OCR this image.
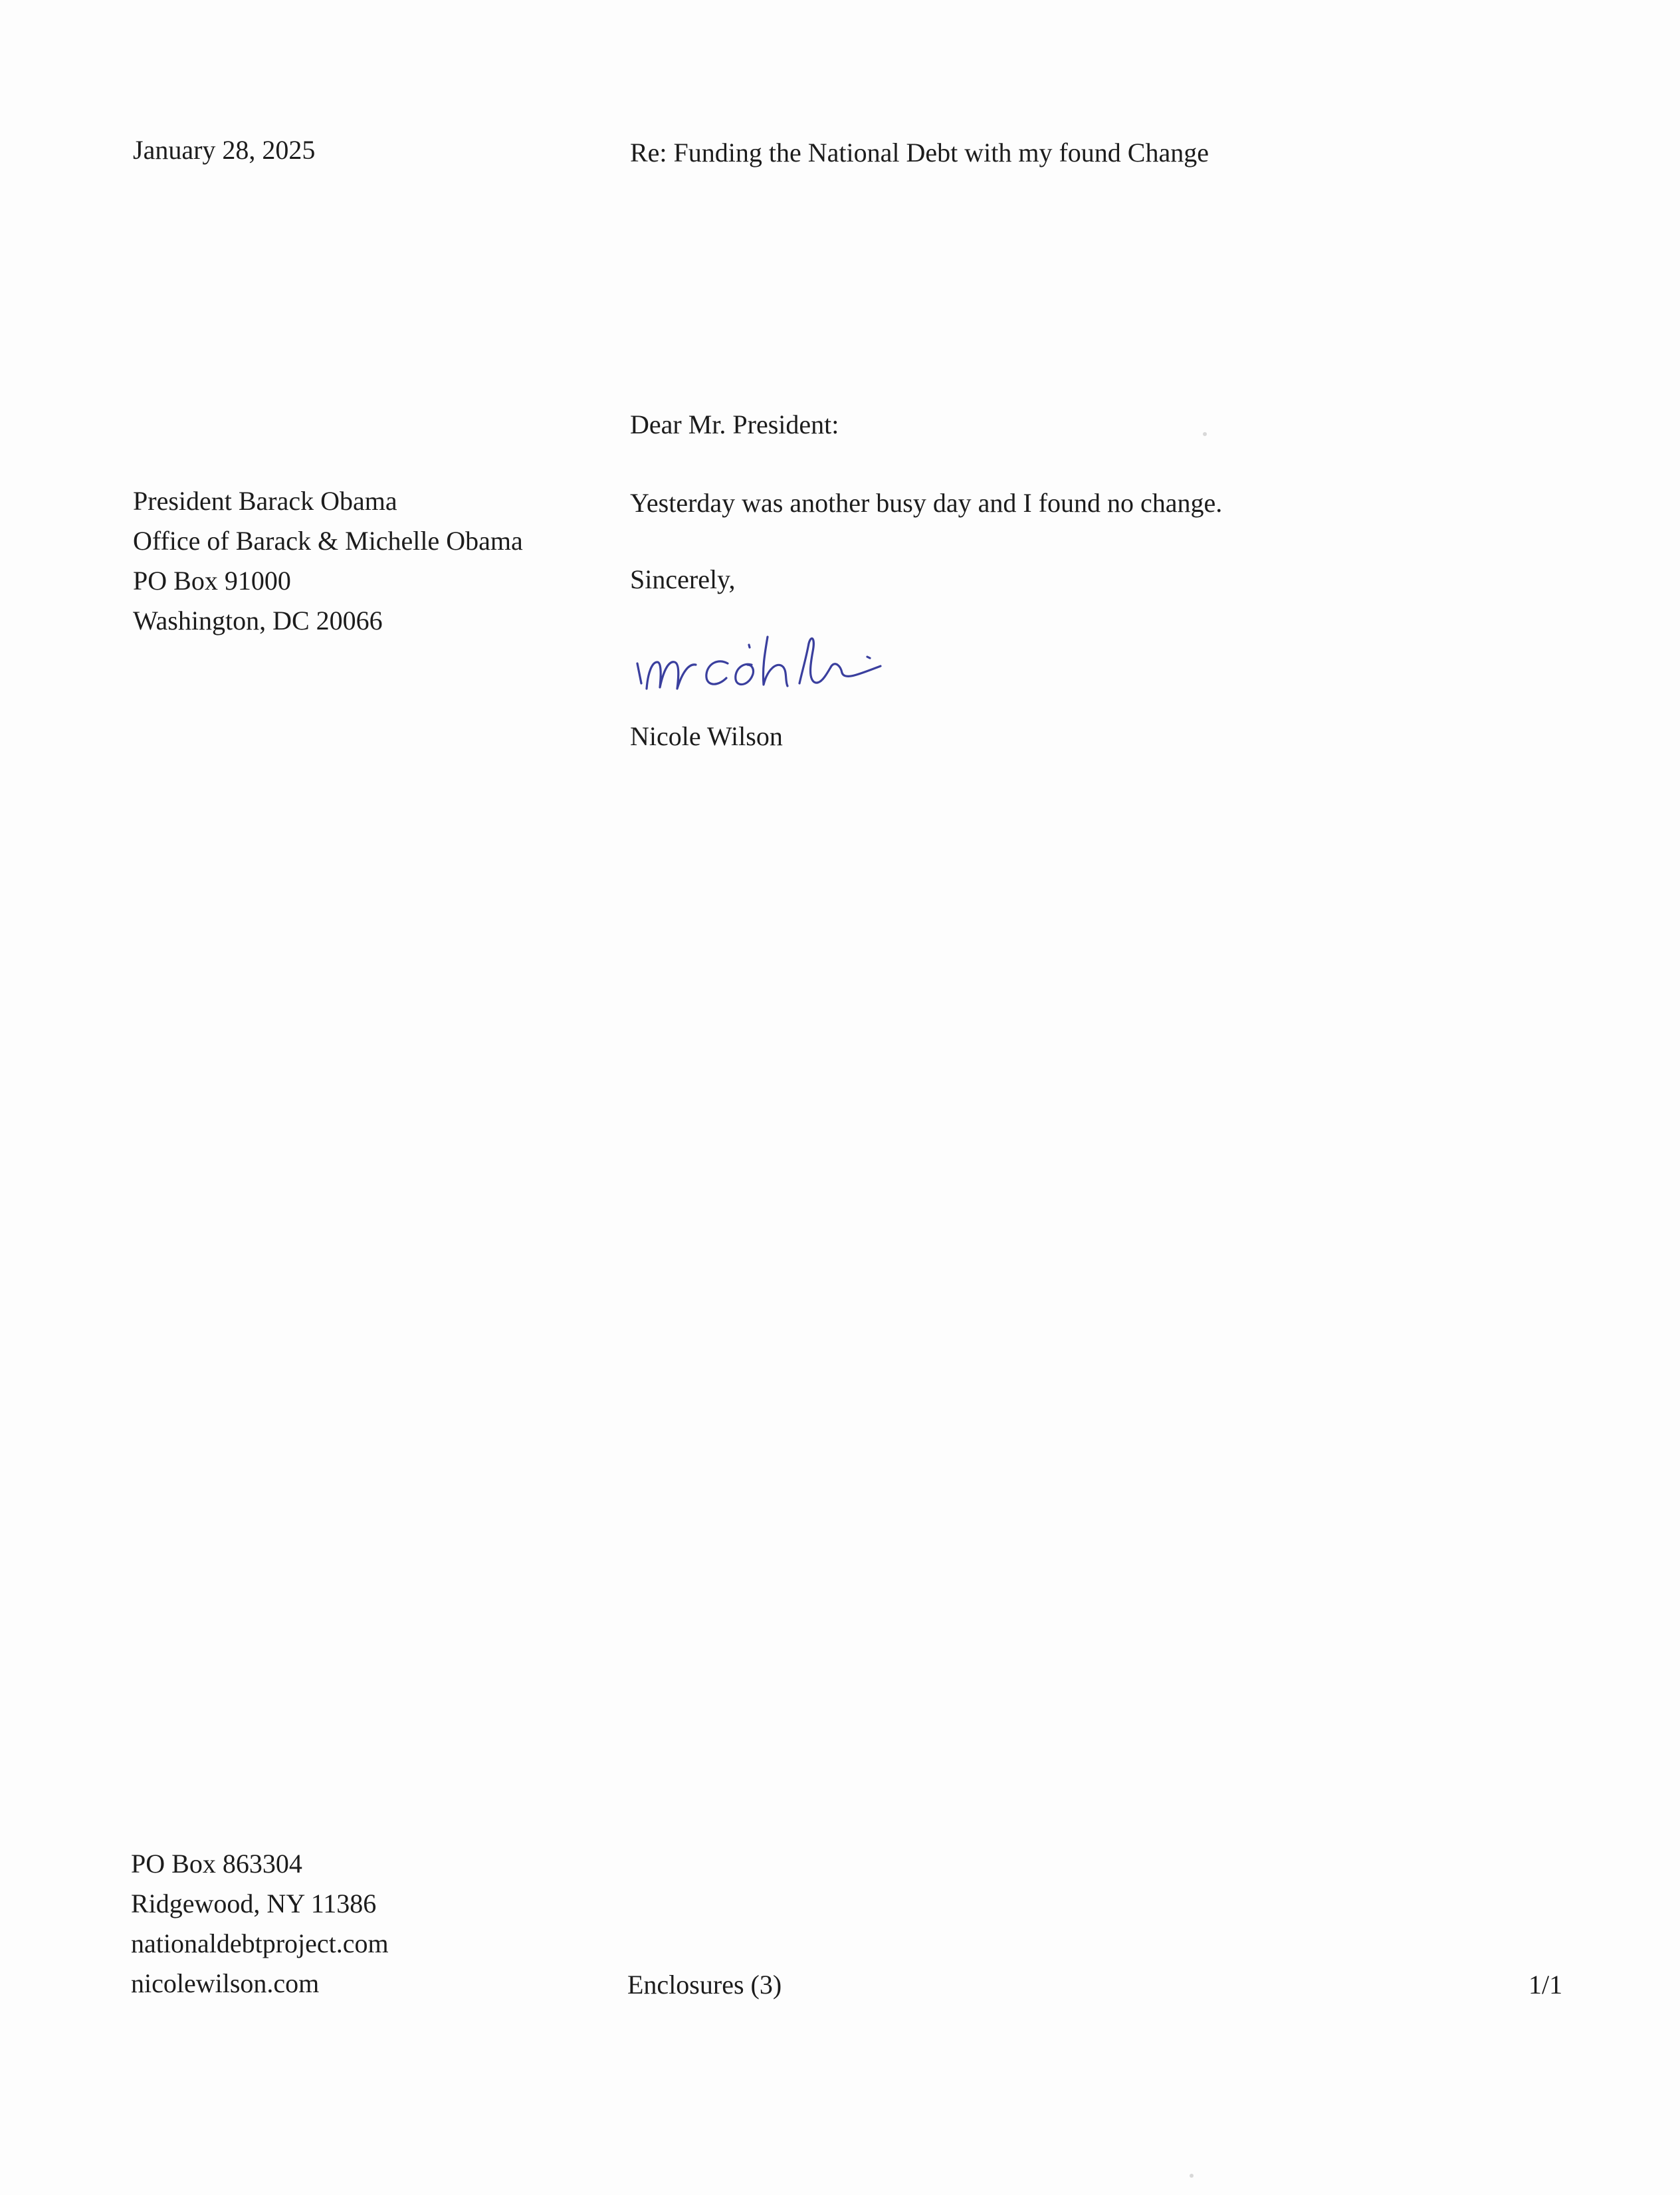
January 28, 2025	Re: Funding the National Debt with my found Change

Dear Mr. President:

President Barack Obama
Office of Barack & Michelle Obama
PO Box 91000
Washington, DC 20066

Yesterday was another busy day and I found no change.

Sincerely,

Nicole Wilson

PO Box 863304
Ridgewood, NY 11386
nationaldebtproject.com
nicolewilson.com	Enclosures (3)	1/1
